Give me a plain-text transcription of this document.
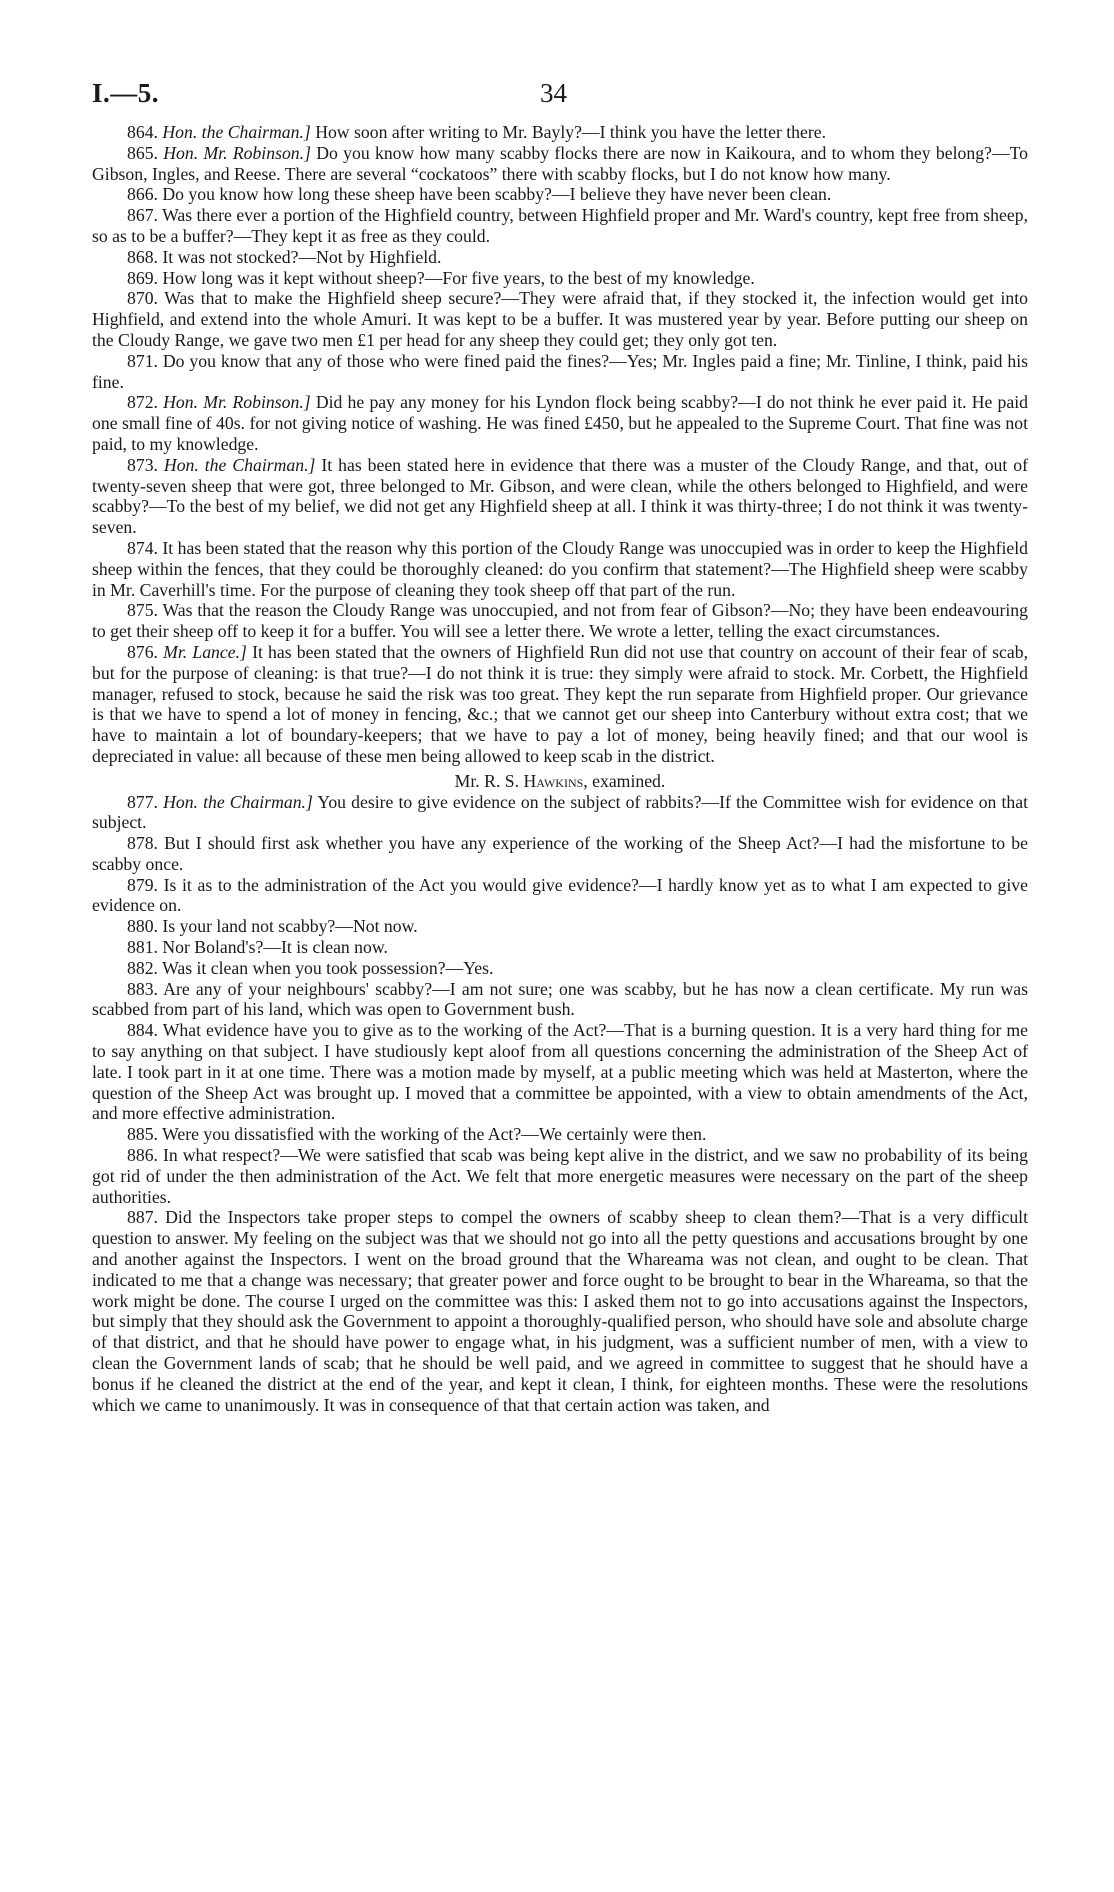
I.—5.	34

864. Hon. the Chairman.] How soon after writing to Mr. Bayly?—I think you have the letter there.

865. Hon. Mr. Robinson.] Do you know how many scabby flocks there are now in Kaikoura, and to whom they belong?—To Gibson, Ingles, and Reese. There are several “cockatoos” there with scabby flocks, but I do not know how many.

866. Do you know how long these sheep have been scabby?—I believe they have never been clean.

867. Was there ever a portion of the Highfield country, between Highfield proper and Mr. Ward's country, kept free from sheep, so as to be a buffer?—They kept it as free as they could.

868. It was not stocked?—Not by Highfield.

869. How long was it kept without sheep?—For five years, to the best of my knowledge.

870. Was that to make the Highfield sheep secure?—They were afraid that, if they stocked it, the infection would get into Highfield, and extend into the whole Amuri. It was kept to be a buffer. It was mustered year by year. Before putting our sheep on the Cloudy Range, we gave two men £1 per head for any sheep they could get; they only got ten.

871. Do you know that any of those who were fined paid the fines?—Yes; Mr. Ingles paid a fine; Mr. Tinline, I think, paid his fine.

872. Hon. Mr. Robinson.] Did he pay any money for his Lyndon flock being scabby?—I do not think he ever paid it. He paid one small fine of 40s. for not giving notice of washing. He was fined £450, but he appealed to the Supreme Court. That fine was not paid, to my knowledge.

873. Hon. the Chairman.] It has been stated here in evidence that there was a muster of the Cloudy Range, and that, out of twenty-seven sheep that were got, three belonged to Mr. Gibson, and were clean, while the others belonged to Highfield, and were scabby?—To the best of my belief, we did not get any Highfield sheep at all. I think it was thirty-three; I do not think it was twenty-seven.

874. It has been stated that the reason why this portion of the Cloudy Range was unoccupied was in order to keep the Highfield sheep within the fences, that they could be thoroughly cleaned: do you confirm that statement?—The Highfield sheep were scabby in Mr. Caverhill's time. For the purpose of cleaning they took sheep off that part of the run.

875. Was that the reason the Cloudy Range was unoccupied, and not from fear of Gibson?—No; they have been endeavouring to get their sheep off to keep it for a buffer. You will see a letter there. We wrote a letter, telling the exact circumstances.

876. Mr. Lance.] It has been stated that the owners of Highfield Run did not use that country on account of their fear of scab, but for the purpose of cleaning: is that true?—I do not think it is true: they simply were afraid to stock. Mr. Corbett, the Highfield manager, refused to stock, because he said the risk was too great. They kept the run separate from Highfield proper. Our grievance is that we have to spend a lot of money in fencing, &c.; that we cannot get our sheep into Canterbury without extra cost; that we have to maintain a lot of boundary-keepers; that we have to pay a lot of money, being heavily fined; and that our wool is depreciated in value: all because of these men being allowed to keep scab in the district.

Mr. R. S. Hawkins, examined.

877. Hon. the Chairman.] You desire to give evidence on the subject of rabbits?—If the Committee wish for evidence on that subject.

878. But I should first ask whether you have any experience of the working of the Sheep Act?—I had the misfortune to be scabby once.

879. Is it as to the administration of the Act you would give evidence?—I hardly know yet as to what I am expected to give evidence on.

880. Is your land not scabby?—Not now.

881. Nor Boland's?—It is clean now.

882. Was it clean when you took possession?—Yes.

883. Are any of your neighbours' scabby?—I am not sure; one was scabby, but he has now a clean certificate. My run was scabbed from part of his land, which was open to Government bush.

884. What evidence have you to give as to the working of the Act?—That is a burning question. It is a very hard thing for me to say anything on that subject. I have studiously kept aloof from all questions concerning the administration of the Sheep Act of late. I took part in it at one time. There was a motion made by myself, at a public meeting which was held at Masterton, where the question of the Sheep Act was brought up. I moved that a committee be appointed, with a view to obtain amendments of the Act, and more effective administration.

885. Were you dissatisfied with the working of the Act?—We certainly were then.

886. In what respect?—We were satisfied that scab was being kept alive in the district, and we saw no probability of its being got rid of under the then administration of the Act. We felt that more energetic measures were necessary on the part of the sheep authorities.

887. Did the Inspectors take proper steps to compel the owners of scabby sheep to clean them?—That is a very difficult question to answer. My feeling on the subject was that we should not go into all the petty questions and accusations brought by one and another against the Inspectors. I went on the broad ground that the Whareama was not clean, and ought to be clean. That indicated to me that a change was necessary; that greater power and force ought to be brought to bear in the Whareama, so that the work might be done. The course I urged on the committee was this: I asked them not to go into accusations against the Inspectors, but simply that they should ask the Government to appoint a thoroughly-qualified person, who should have sole and absolute charge of that district, and that he should have power to engage what, in his judgment, was a sufficient number of men, with a view to clean the Government lands of scab; that he should be well paid, and we agreed in committee to suggest that he should have a bonus if he cleaned the district at the end of the year, and kept it clean, I think, for eighteen months. These were the resolutions which we came to unanimously. It was in consequence of that that certain action was taken, and
